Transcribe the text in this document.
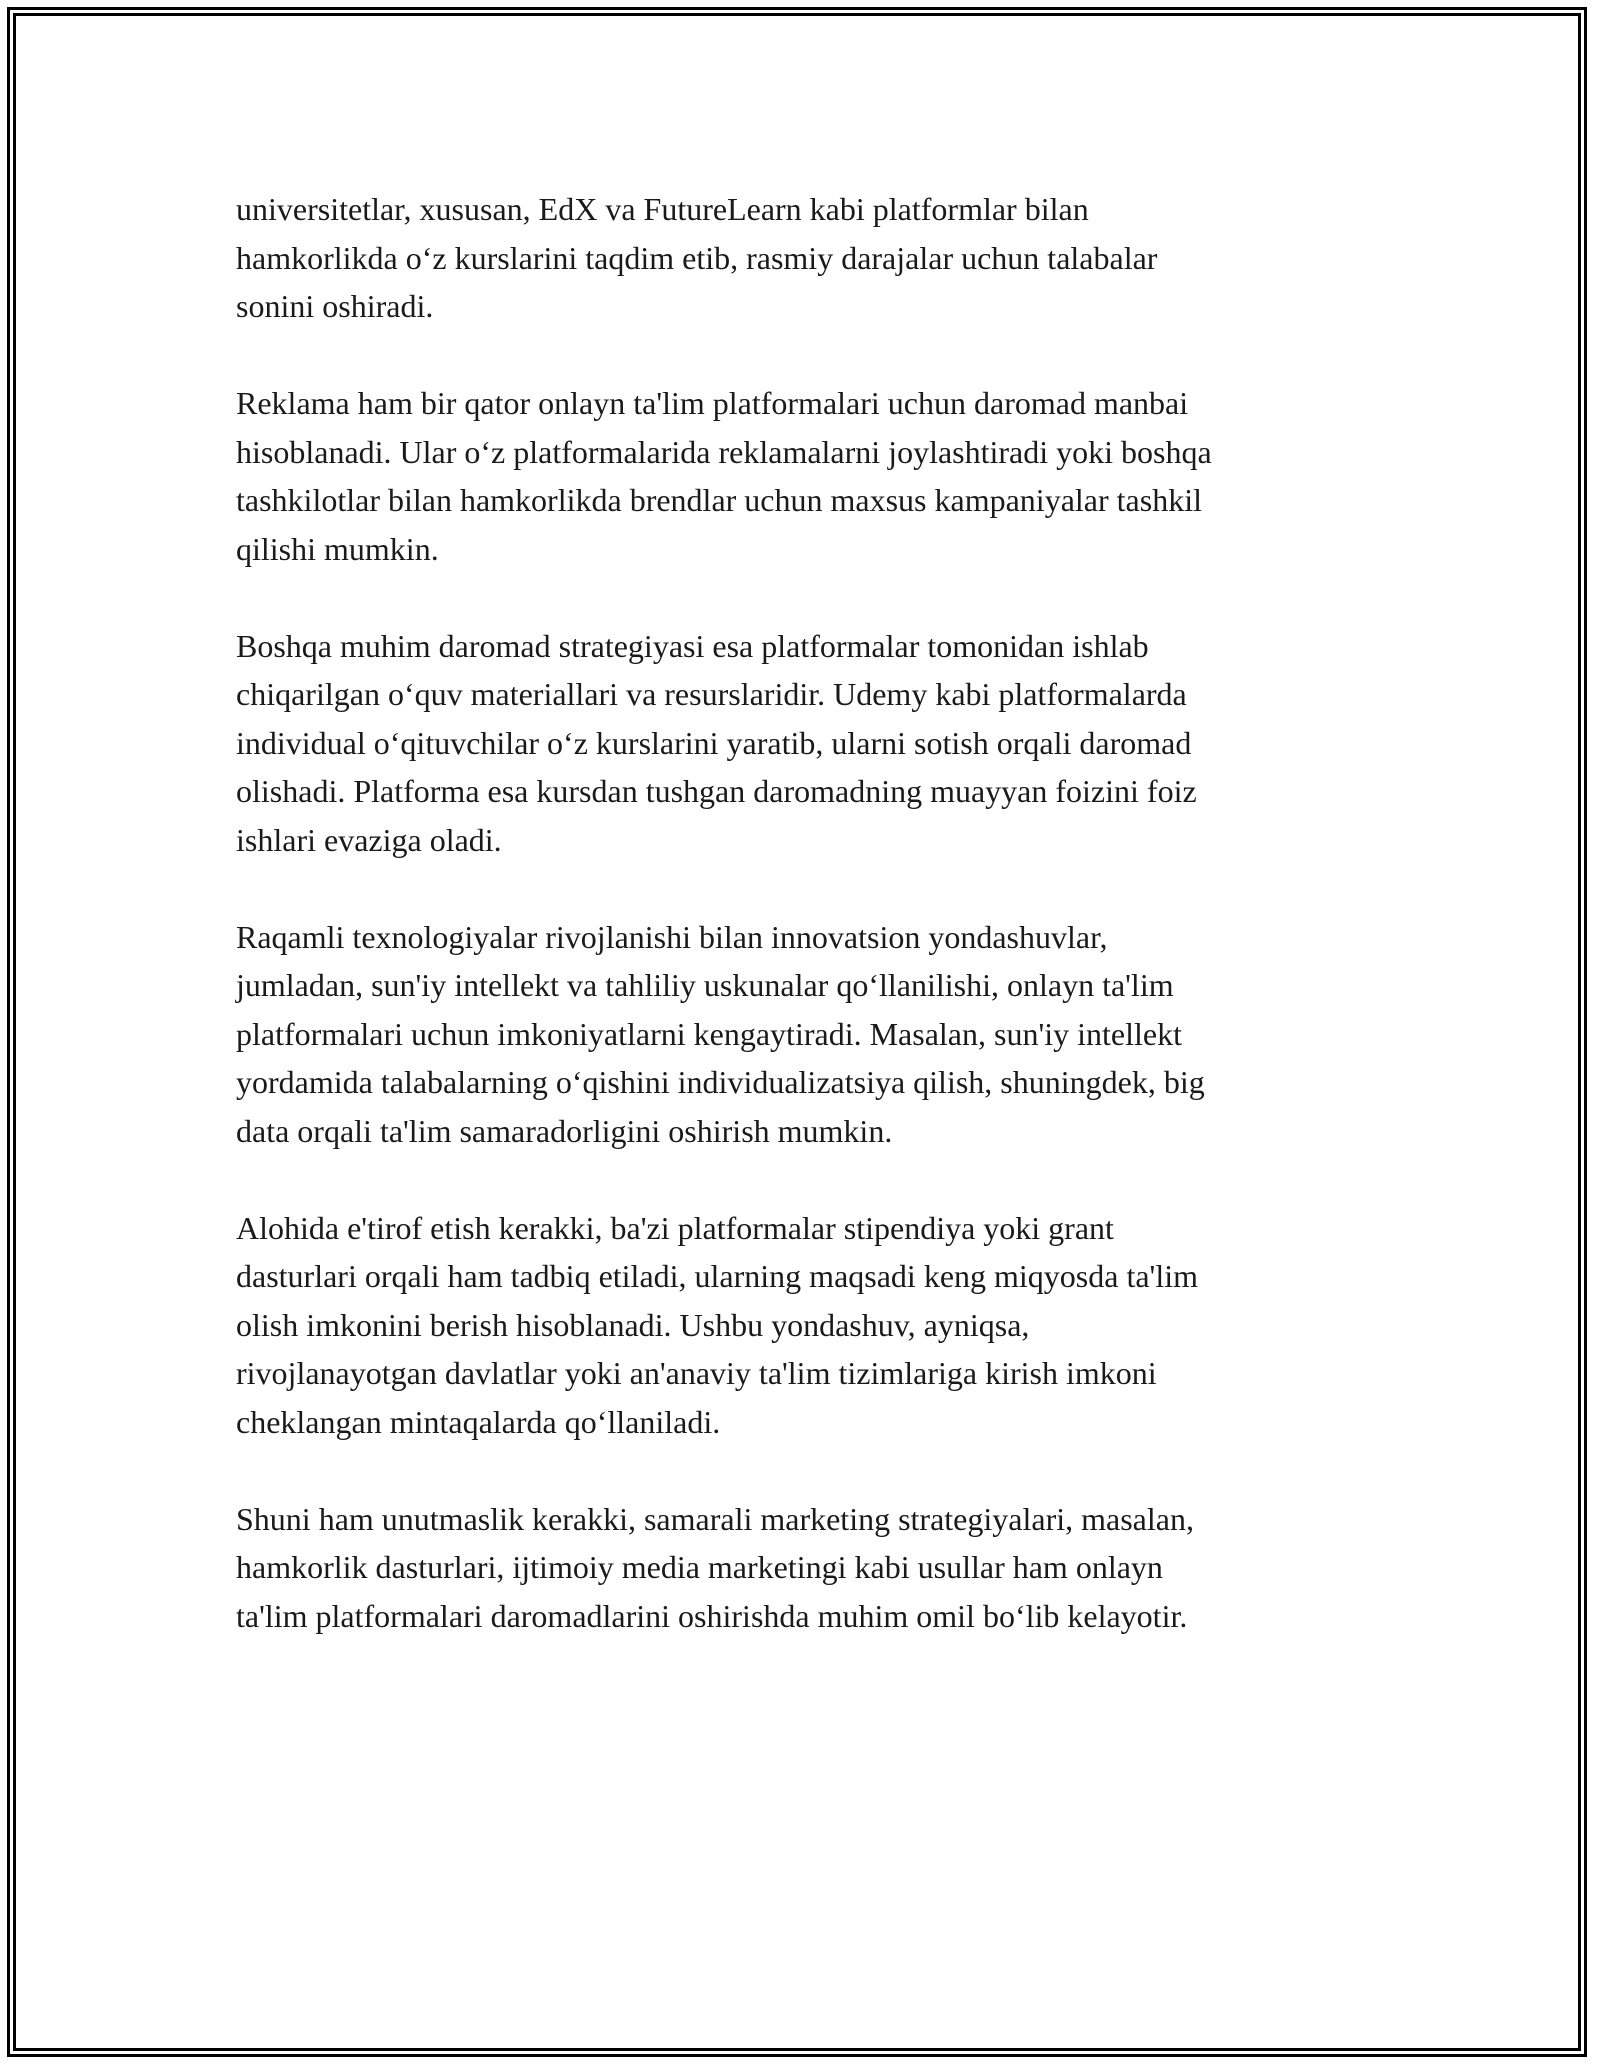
universitetlar, xususan, EdX va FutureLearn kabi platformlar bilan
hamkorlikda o‘z kurslarini taqdim etib, rasmiy darajalar uchun talabalar
sonini oshiradi.

Reklama ham bir qator onlayn ta'lim platformalari uchun daromad manbai
hisoblanadi. Ular o‘z platformalarida reklamalarni joylashtiradi yoki boshqa
tashkilotlar bilan hamkorlikda brendlar uchun maxsus kampaniyalar tashkil
qilishi mumkin.

Boshqa muhim daromad strategiyasi esa platformalar tomonidan ishlab
chiqarilgan o‘quv materiallari va resurslaridir. Udemy kabi platformalarda
individual o‘qituvchilar o‘z kurslarini yaratib, ularni sotish orqali daromad
olishadi. Platforma esa kursdan tushgan daromadning muayyan foizini foiz
ishlari evaziga oladi.

Raqamli texnologiyalar rivojlanishi bilan innovatsion yondashuvlar,
jumladan, sun'iy intellekt va tahliliy uskunalar qo‘llanilishi, onlayn ta'lim
platformalari uchun imkoniyatlarni kengaytiradi. Masalan, sun'iy intellekt
yordamida talabalarning o‘qishini individualizatsiya qilish, shuningdek, big
data orqali ta'lim samaradorligini oshirish mumkin.

Alohida e'tirof etish kerakki, ba'zi platformalar stipendiya yoki grant
dasturlari orqali ham tadbiq etiladi, ularning maqsadi keng miqyosda ta'lim
olish imkonini berish hisoblanadi. Ushbu yondashuv, ayniqsa,
rivojlanayotgan davlatlar yoki an'anaviy ta'lim tizimlariga kirish imkoni
cheklangan mintaqalarda qo‘llaniladi.

Shuni ham unutmaslik kerakki, samarali marketing strategiyalari, masalan,
hamkorlik dasturlari, ijtimoiy media marketingi kabi usullar ham onlayn
ta'lim platformalari daromadlarini oshirishda muhim omil bo‘lib kelayotir.
